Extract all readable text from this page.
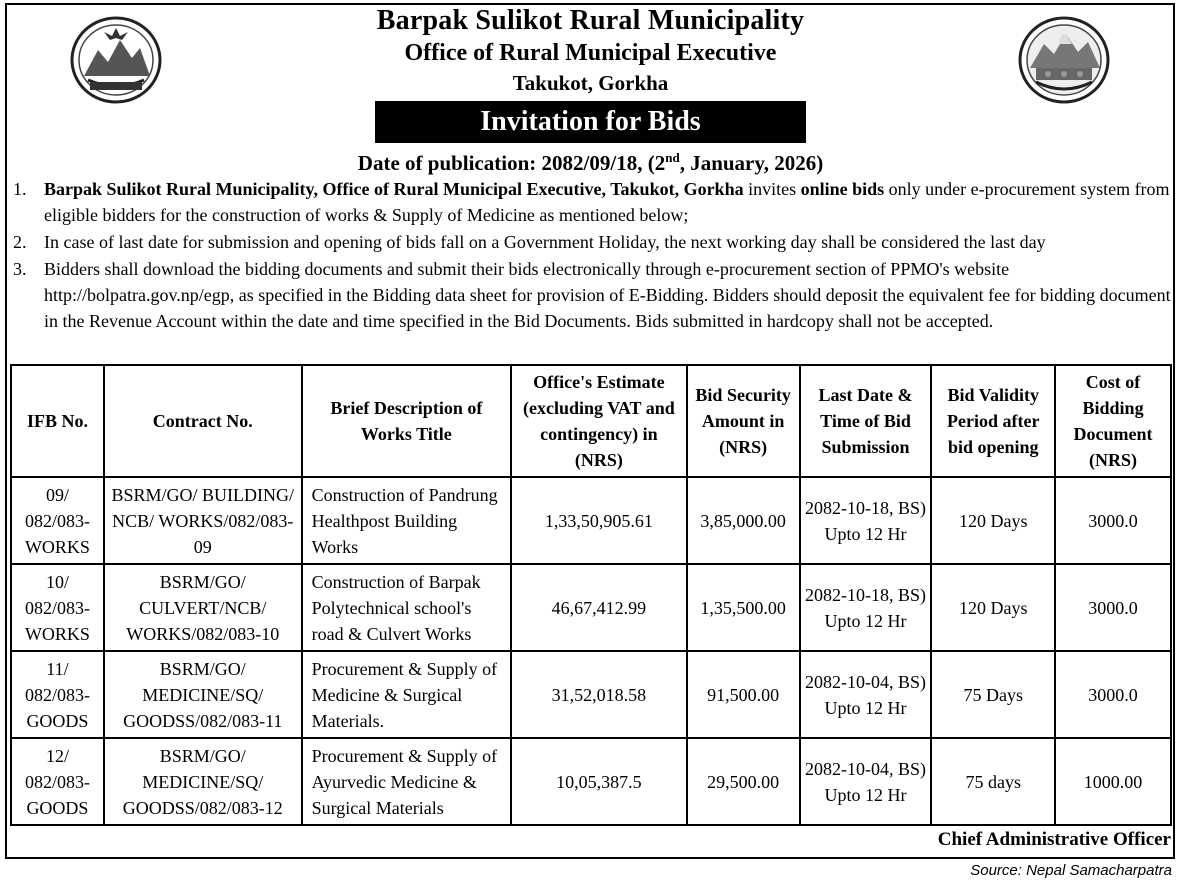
Barpak Sulikot Rural Municipality
Office of Rural Municipal Executive
Takukot, Gorkha
Invitation for Bids
Date of publication: 2082/09/18, (2nd, January, 2026)
1. Barpak Sulikot Rural Municipality, Office of Rural Municipal Executive, Takukot, Gorkha invites online bids only under e-procurement system from eligible bidders for the construction of works & Supply of Medicine as mentioned below;
2. In case of last date for submission and opening of bids fall on a Government Holiday, the next working day shall be considered the last day
3. Bidders shall download the bidding documents and submit their bids electronically through e-procurement section of PPMO's website http://bolpatra.gov.np/egp, as specified in the Bidding data sheet for provision of E-Bidding. Bidders should deposit the equivalent fee for bidding document in the Revenue Account within the date and time specified in the Bid Documents. Bids submitted in hardcopy shall not be accepted.
IFB No.	Contract No.	Brief Description of Works Title	Office's Estimate (excluding VAT and contingency) in (NRS)	Bid Security Amount in (NRS)	Last Date & Time of Bid Submission	Bid Validity Period after bid opening	Cost of Bidding Document (NRS)
09/ 082/083- WORKS	BSRM/GO/ BUILDING/ NCB/ WORKS/082/083-09	Construction of Pandrung Healthpost Building Works	1,33,50,905.61	3,85,000.00	2082-10-18, BS) Upto 12 Hr	120 Days	3000.0
10/ 082/083- WORKS	BSRM/GO/ CULVERT/NCB/ WORKS/082/083-10	Construction of Barpak Polytechnical school's road & Culvert Works	46,67,412.99	1,35,500.00	2082-10-18, BS) Upto 12 Hr	120 Days	3000.0
11/ 082/083- GOODS	BSRM/GO/ MEDICINE/SQ/ GOODSS/082/083-11	Procurement & Supply of Medicine & Surgical Materials.	31,52,018.58	91,500.00	2082-10-04, BS) Upto 12 Hr	75 Days	3000.0
12/ 082/083- GOODS	BSRM/GO/ MEDICINE/SQ/ GOODSS/082/083-12	Procurement & Supply of Ayurvedic Medicine & Surgical Materials	10,05,387.5	29,500.00	2082-10-04, BS) Upto 12 Hr	75 days	1000.00
Chief Administrative Officer
Source: Nepal Samacharpatra
